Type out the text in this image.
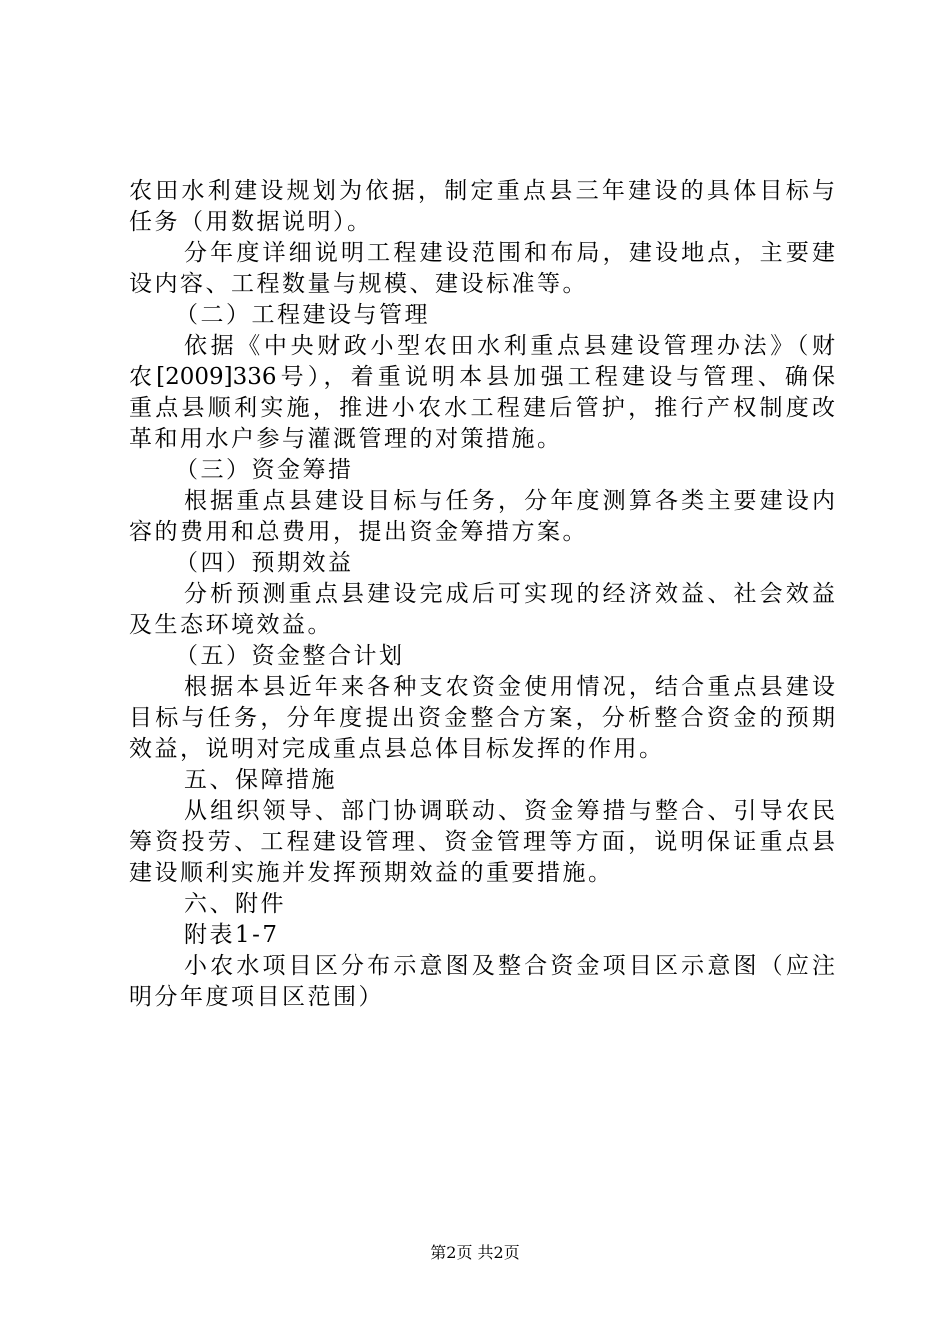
农田水利建设规划为依据，制定重点县三年建设的具体目标与
任务（用数据说明）。
分年度详细说明工程建设范围和布局，建设地点，主要建
设内容、工程数量与规模、建设标准等。
（二）工程建设与管理
依据《中央财政小型农田水利重点县建设管理办法》（财
农[2009]336号），着重说明本县加强工程建设与管理、确保
重点县顺利实施，推进小农水工程建后管护，推行产权制度改
革和用水户参与灌溉管理的对策措施。
（三）资金筹措
根据重点县建设目标与任务，分年度测算各类主要建设内
容的费用和总费用，提出资金筹措方案。
（四）预期效益
分析预测重点县建设完成后可实现的经济效益、社会效益
及生态环境效益。
（五）资金整合计划
根据本县近年来各种支农资金使用情况，结合重点县建设
目标与任务，分年度提出资金整合方案，分析整合资金的预期
效益，说明对完成重点县总体目标发挥的作用。
五、保障措施
从组织领导、部门协调联动、资金筹措与整合、引导农民
筹资投劳、工程建设管理、资金管理等方面，说明保证重点县
建设顺利实施并发挥预期效益的重要措施。
六、附件
附表1-7
小农水项目区分布示意图及整合资金项目区示意图（应注
明分年度项目区范围）
第2页 共2页
